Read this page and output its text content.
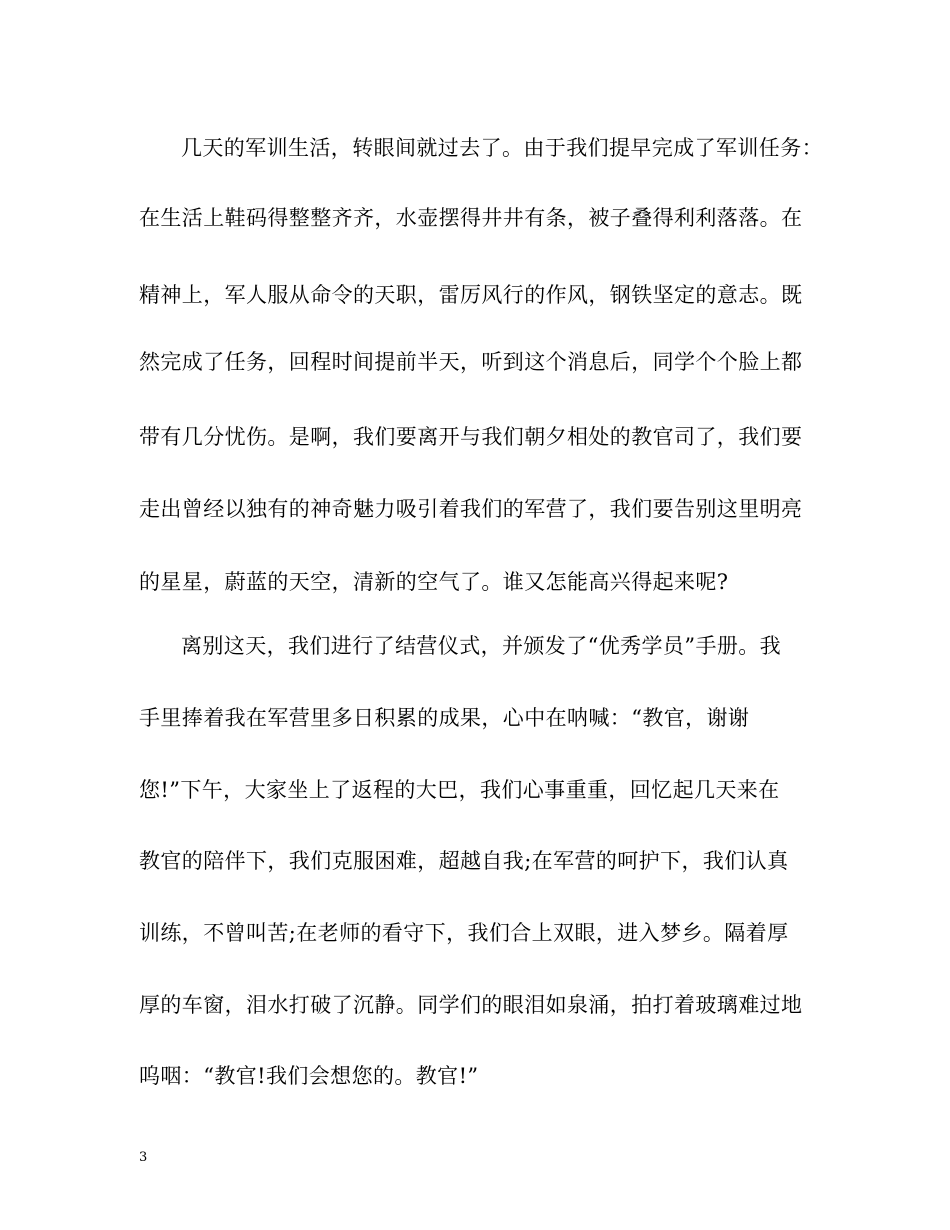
几天的军训生活，转眼间就过去了。由于我们提早完成了军训任务：
在生活上鞋码得整整齐齐，水壶摆得井井有条，被子叠得利利落落。在
精神上，军人服从命令的天职，雷厉风行的作风，钢铁坚定的意志。既
然完成了任务，回程时间提前半天，听到这个消息后，同学个个脸上都
带有几分忧伤。是啊，我们要离开与我们朝夕相处的教官司了，我们要
走出曾经以独有的神奇魅力吸引着我们的军营了，我们要告别这里明亮
的星星，蔚蓝的天空，清新的空气了。谁又怎能高兴得起来呢?
离别这天，我们进行了结营仪式，并颁发了“优秀学员”手册。我
手里捧着我在军营里多日积累的成果，心中在呐喊：“教官，谢谢
您!”下午，大家坐上了返程的大巴，我们心事重重，回忆起几天来在
教官的陪伴下，我们克服困难，超越自我;在军营的呵护下，我们认真
训练，不曾叫苦;在老师的看守下，我们合上双眼，进入梦乡。隔着厚
厚的车窗，泪水打破了沉静。同学们的眼泪如泉涌，拍打着玻璃难过地
呜咽：“教官!我们会想您的。教官!”
3
